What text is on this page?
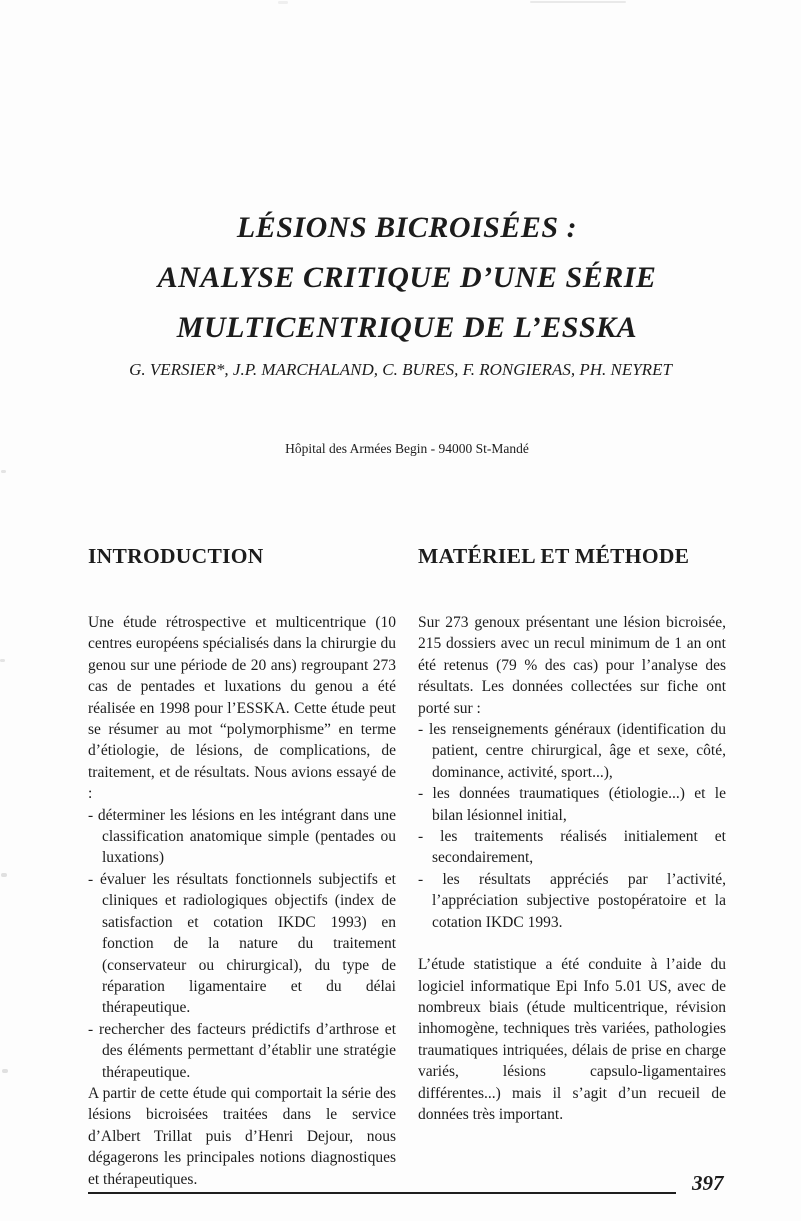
LÉSIONS BICROISÉES :
ANALYSE CRITIQUE D’UNE SÉRIE
MULTICENTRIQUE DE L’ESSKA
G. VERSIER*, J.P. MARCHALAND, C. BURES, F. RONGIERAS, PH. NEYRET
Hôpital des Armées Begin - 94000 St-Mandé
INTRODUCTION

Une étude rétrospective et multicentrique (10 centres européens spécialisés dans la chirurgie du genou sur une période de 20 ans) regroupant 273 cas de pentades et luxations du genou a été réalisée en 1998 pour l’ESSKA. Cette étude peut se résumer au mot “polymorphisme” en terme d’étiologie, de lésions, de complications, de traitement, et de résultats. Nous avions essayé de :

- déterminer les lésions en les intégrant dans une classification anatomique simple (pentades ou luxations)
- évaluer les résultats fonctionnels subjectifs et cliniques et radiologiques objectifs (index de satisfaction et cotation IKDC 1993) en fonction de la nature du traitement (conservateur ou chirurgical), du type de réparation ligamentaire et du délai thérapeutique.
- rechercher des facteurs prédictifs d’arthrose et des éléments permettant d’établir une stratégie thérapeutique.

A partir de cette étude qui comportait la série des lésions bicroisées traitées dans le service d’Albert Trillat puis d’Henri Dejour, nous dégagerons les principales notions diagnostiques et thérapeutiques.

MATÉRIEL ET MÉTHODE

Sur 273 genoux présentant une lésion bicroisée, 215 dossiers avec un recul minimum de 1 an ont été retenus (79 % des cas) pour l’analyse des résultats. Les données collectées sur fiche ont porté sur :

- les renseignements généraux (identification du patient, centre chirurgical, âge et sexe, côté, dominance, activité, sport...),
- les données traumatiques (étiologie...) et le bilan lésionnel initial,
- les traitements réalisés initialement et secondairement,
- les résultats appréciés par l’activité, l’appréciation subjective postopératoire et la cotation IKDC 1993.

L’étude statistique a été conduite à l’aide du logiciel informatique Epi Info 5.01 US, avec de nombreux biais (étude multicentrique, révision inhomogène, techniques très variées, pathologies traumatiques intriquées, délais de prise en charge variés, lésions capsulo-ligamentaires différentes...) mais il s’agit d’un recueil de données très important.

397
